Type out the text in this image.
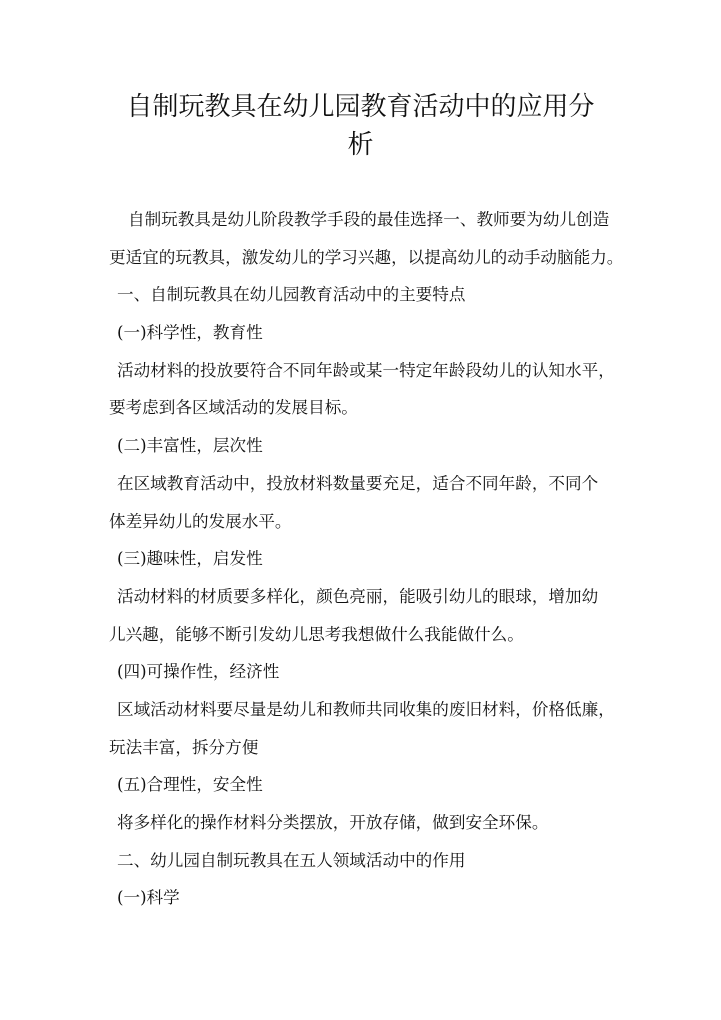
自制玩教具在幼儿园教育活动中的应用分
析
自制玩教具是幼儿阶段教学手段的最佳选择一、教师要为幼儿创造
更适宜的玩教具，激发幼儿的学习兴趣，以提高幼儿的动手动脑能力。
一、自制玩教具在幼儿园教育活动中的主要特点
(一)科学性，教育性
活动材料的投放要符合不同年龄或某一特定年龄段幼儿的认知水平，
要考虑到各区域活动的发展目标。
(二)丰富性，层次性
在区域教育活动中，投放材料数量要充足，适合不同年龄，不同个
体差异幼儿的发展水平。
(三)趣味性，启发性
活动材料的材质要多样化，颜色亮丽，能吸引幼儿的眼球，增加幼
儿兴趣，能够不断引发幼儿思考我想做什么我能做什么。
(四)可操作性，经济性
区域活动材料要尽量是幼儿和教师共同收集的废旧材料，价格低廉，
玩法丰富，拆分方便
(五)合理性，安全性
将多样化的操作材料分类摆放，开放存储，做到安全环保。
二、幼儿园自制玩教具在五人领域活动中的作用
(一)科学
